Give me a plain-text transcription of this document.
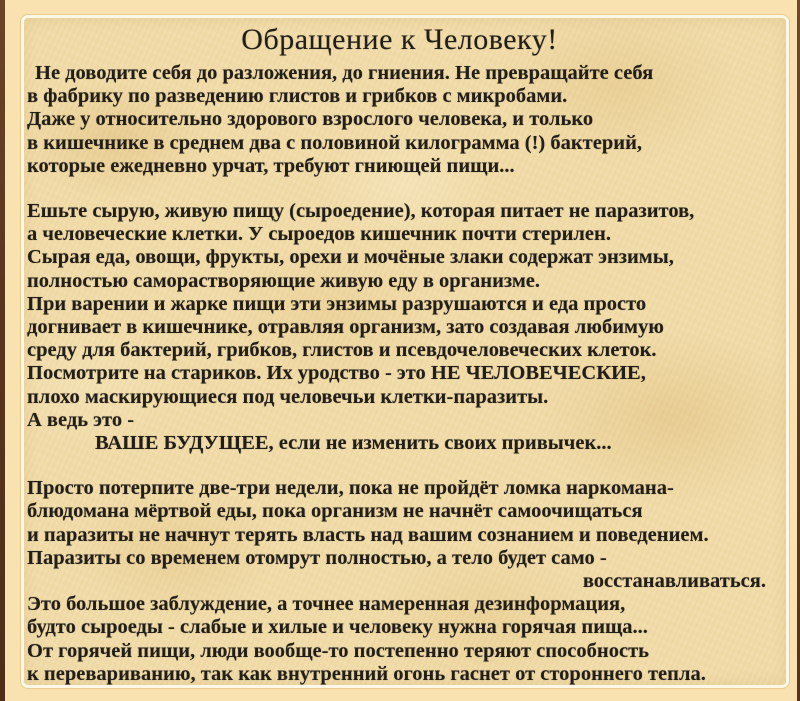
Обращение к Человеку!
Не доводите себя до разложения, до гниения. Не превращайте себя
в фабрику по разведению глистов и грибков с микробами.
Даже у относительно здорового взрослого человека, и только
в кишечнике в среднем два с половиной килограмма (!) бактерий,
которые ежедневно урчат, требуют гниющей пищи...
Ешьте сырую, живую пищу (сыроедение), которая питает не паразитов,
а человеческие клетки. У сыроедов кишечник почти стерилен.
Сырая еда, овощи, фрукты, орехи и мочёные злаки содержат энзимы,
полностью саморастворяющие живую еду в организме.
При варении и жарке пищи эти энзимы разрушаются и еда просто
догнивает в кишечнике, отравляя организм, зато создавая любимую
среду для бактерий, грибков, глистов и псевдочеловеческих клеток.
Посмотрите на стариков. Их уродство - это НЕ ЧЕЛОВЕЧЕСКИЕ,
плохо маскирующиеся под человечьи клетки-паразиты.
А ведь это -
ВАШЕ БУДУЩЕЕ, если не изменить своих привычек...
Просто потерпите две-три недели, пока не пройдёт ломка наркомана-
блюдомана мёртвой еды, пока организм не начнёт самоочищаться
и паразиты не начнут терять власть над вашим сознанием и поведением.
Паразиты со временем отомрут полностью, а тело будет само -
восстанавливаться.
Это большое заблуждение, а точнее намеренная дезинформация,
будто сыроеды - слабые и хилые и человеку нужна горячая пища...
От горячей пищи, люди вообще-то постепенно теряют способность
к перевариванию, так как внутренний огонь гаснет от стороннего тепла.
